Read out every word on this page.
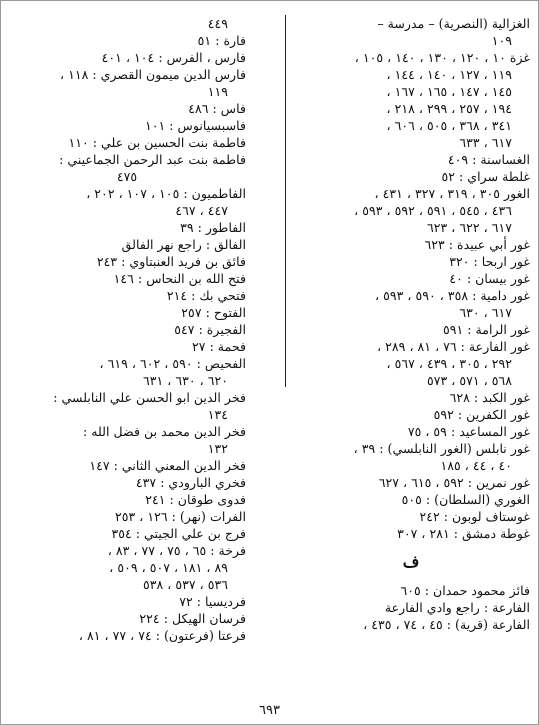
الغزالية (النصرية) – مدرسة –
١٠٩
غزة ١٠ ، ١٢٠ ، ١٣٠ ، ١٤٠ ، ١٠٥ ،
١١٩ ، ١٢٧ ، ١٤٠ ، ١٤٤ ،
١٤٥ ، ١٤٧ ، ١٦٥ ، ١٦٧ ،
١٩٤ ، ٢٥٧ ، ٢٩٩ ، ٢١٨ ،
٣٤١ ، ٣٦٨ ، ٥٠٥ ، ٦٠٦ ،
٦١٧ ، ٦٣٣
الغساسنة : ٤٠٩
غلطة سراي : ٥٢
الغور ٣٠٥ ، ٣١٩ ، ٣٢٧ ، ٤٣١ ،
٤٣٦ ، ٥٤٥ ، ٥٩١ ، ٥٩٢ ، ٥٩٣ ،
٦١٧ ، ٦٢٢ ، ٦٢٣
غور أبي عبيدة : ٦٢٣
غور اربحا : ٣٢٠
غور بيسان : ٤٠
غور دامية : ٣٥٨ ، ٥٩٠ ، ٥٩٣ ،
٦١٧ ، ٦٣٠
غور الرامة : ٥٩١
غور الفارعة : ٧٦ ، ٨١ ، ٢٨٩ ،
٢٩٢ ، ٣٠٥ ، ٤٣٩ ، ٥٦٧ ،
٥٦٨ ، ٥٧١ ، ٥٧٣
غور الكبد : ٦٢٨
غور الكفرين : ٥٩٢
غور المساعيد : ٥٩ ، ٧٥
غور نابلس (الغور النابلسي) : ٣٩ ،
٤٠ ، ٤٤ ، ١٨٥
غور نمرين : ٥٩٢ ، ٦١٥ ، ٦٢٧
الغوري (السلطان) : ٥٠٥
غوستاف لوبون : ٢٤٢
غوطة دمشق : ٢٨١ ، ٣٠٧
ف
فائز محمود حمدان : ٦٠٥
الفارعة : راجع وادي الفارعة
الفارعة (قرية) : ٤٥ ، ٧٤ ، ٤٣٥ ،
٤٤٩
فارة : ٥١
فارس ، الفرس : ١٠٤ ، ٤٠١
فارس الدين ميمون القصري : ١١٨ ،
١١٩
فاس : ٤٨٦
فاسبسيانوس : ١٠١
فاطمة بنت الحسين بن علي : ١١٠
فاطمة بنت عبد الرحمن الجماعيني :
٤٧٥
الفاطميون : ١٠٥ ، ١٠٧ ، ٢٠٢ ،
٤٤٧ ، ٤٦٧
الفاطور : ٣٩
الفالق : راجع نهر الفالق
فائق بن فريد العنبتاوي : ٢٤٣
فتح الله بن النحاس : ١٤٦
فتحي بك : ٢١٤
الفتوح : ٢٥٧
الفجيرة : ٥٤٧
فحمة : ٢٧
الفحيص : ٥٩٠ ، ٦٠٢ ، ٦١٩ ،
٦٢٠ ، ٦٣٠ ، ٦٣١
فخر الدين ابو الحسن علي النابلسي :
١٣٤
فخر الدين محمد بن فضل الله :
١٣٢
فخر الدين المعني الثاني : ١٤٧
فخري البارودي : ٤٣٧
فدوى طوقان : ٢٤١
الفرات (نهر) : ١٢٦ ، ٢٥٣
فرج بن علي الجيتي : ٣٥٤
فرخة : ٦٥ ، ٧٥ ، ٧٧ ، ٨٣ ،
٨٩ ، ١٨١ ، ٥٠٧ ، ٥٠٩ ،
٥٣٦ ، ٥٣٧ ، ٥٣٨
فرديسيا : ٧٢
فرسان الهيكل : ٢٢٤
فرعتا (فرعتون) : ٧٤ ، ٧٧ ، ٨١ ،
٦٩٣
